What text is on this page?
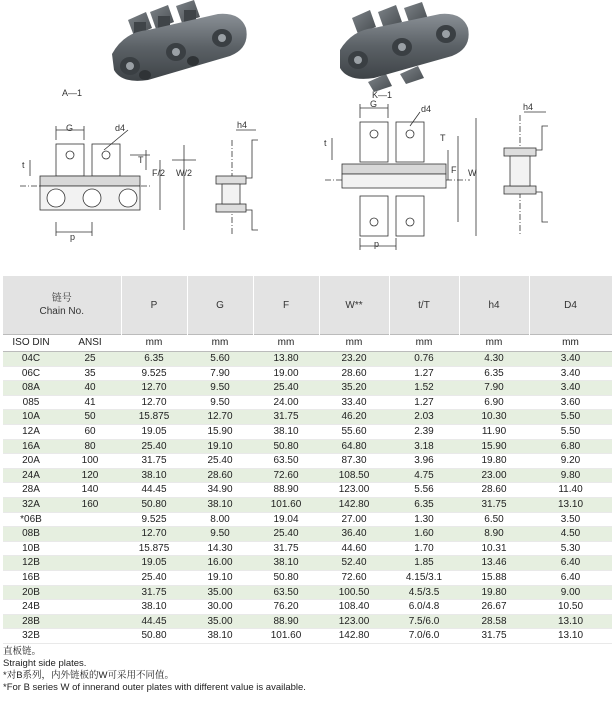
A—1	K—1
G	d4
t	T
F/2 W/2
p
h4
G	d4
t	T
F W
p
h4
链号
Chain No.		P	G	F	W**	t/T	h4	D4
ISO DIN	ANSI	mm	mm	mm	mm	mm	mm	mm
04C	25	6.35	5.60	13.80	23.20	0.76	4.30	3.40
06C	35	9.525	7.90	19.00	28.60	1.27	6.35	3.40
08A	40	12.70	9.50	25.40	35.20	1.52	7.90	3.40
085	41	12.70	9.50	24.00	33.40	1.27	6.90	3.60
10A	50	15.875	12.70	31.75	46.20	2.03	10.30	5.50
12A	60	19.05	15.90	38.10	55.60	2.39	11.90	5.50
16A	80	25.40	19.10	50.80	64.80	3.18	15.90	6.80
20A	100	31.75	25.40	63.50	87.30	3.96	19.80	9.20
24A	120	38.10	28.60	72.60	108.50	4.75	23.00	9.80
28A	140	44.45	34.90	88.90	123.00	5.56	28.60	11.40
32A	160	50.80	38.10	101.60	142.80	6.35	31.75	13.10
*06B		9.525	8.00	19.04	27.00	1.30	6.50	3.50
08B		12.70	9.50	25.40	36.40	1.60	8.90	4.50
10B		15.875	14.30	31.75	44.60	1.70	10.31	5.30
12B		19.05	16.00	38.10	52.40	1.85	13.46	6.40
16B		25.40	19.10	50.80	72.60	4.15/3.1	15.88	6.40
20B		31.75	35.00	63.50	100.50	4.5/3.5	19.80	9.00
24B		38.10	30.00	76.20	108.40	6.0/4.8	26.67	10.50
28B		44.45	35.00	88.90	123.00	7.5/6.0	28.58	13.10
32B		50.80	38.10	101.60	142.80	7.0/6.0	31.75	13.10
直板链。
Straight side plates.
*对B系列，内外链板的W可采用不同值。
*For B series W of innerand outer plates with different value is available.
